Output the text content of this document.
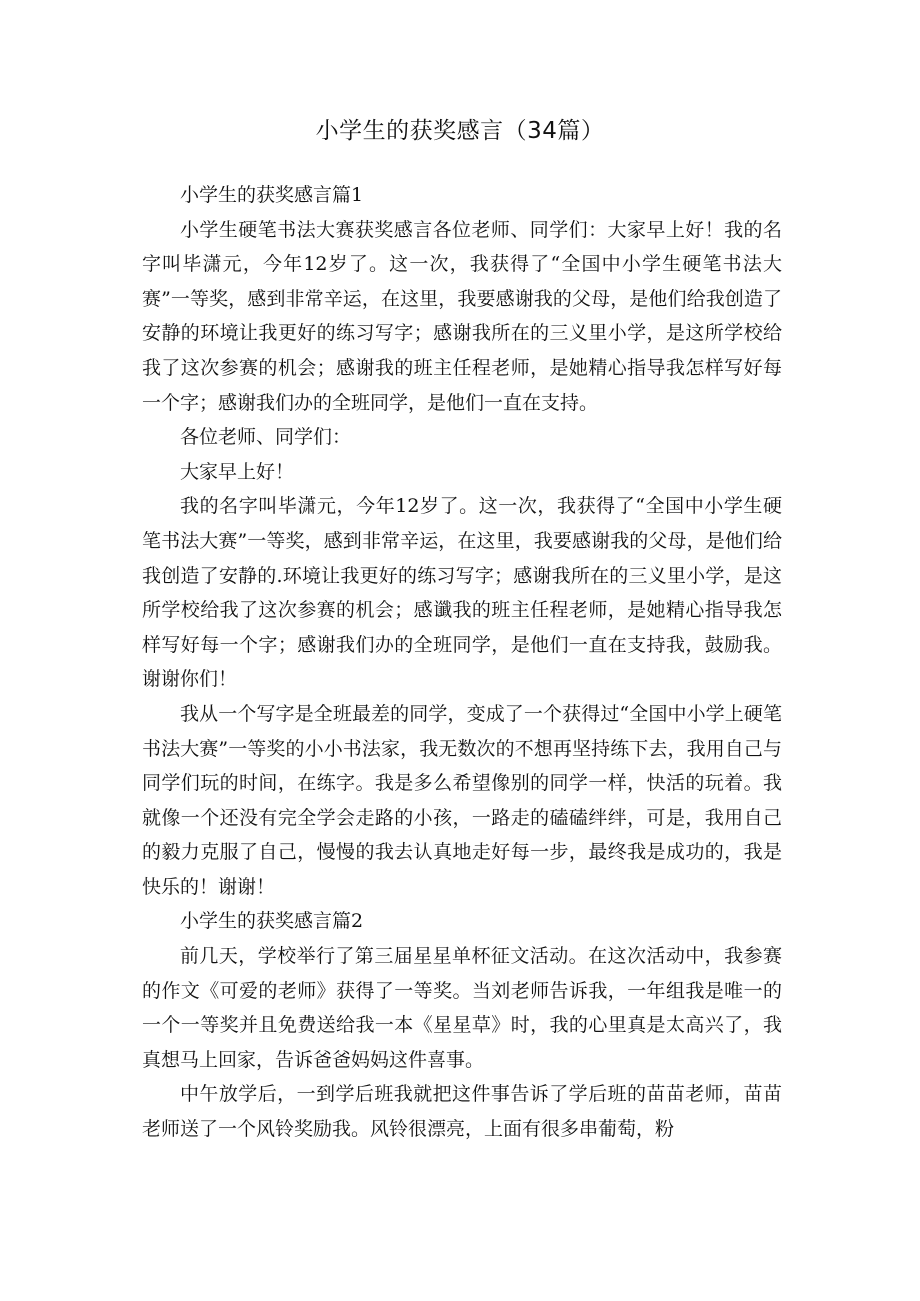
小学生的获奖感言（34篇）

小学生的获奖感言篇1

小学生硬笔书法大赛获奖感言各位老师、同学们：大家早上好！我的名字叫毕潇元，今年12岁了。这一次，我获得了“全国中小学生硬笔书法大赛”一等奖，感到非常辛运，在这里，我要感谢我的父母，是他们给我创造了安静的环境让我更好的练习写字；感谢我所在的三义里小学，是这所学校给我了这次参赛的机会；感谢我的班主任程老师，是她精心指导我怎样写好每一个字；感谢我们办的全班同学，是他们一直在支持。

各位老师、同学们：

大家早上好！

我的名字叫毕潇元，今年12岁了。这一次，我获得了“全国中小学生硬笔书法大赛”一等奖，感到非常辛运，在这里，我要感谢我的父母，是他们给我创造了安静的.环境让我更好的练习写字；感谢我所在的三义里小学，是这所学校给我了这次参赛的机会；感谶我的班主任程老师，是她精心指导我怎样写好每一个字；感谢我们办的全班同学，是他们一直在支持我，鼓励我。谢谢你们！

我从一个写字是全班最差的同学，变成了一个获得过“全国中小学上硬笔书法大赛”一等奖的小小书法家，我无数次的不想再坚持练下去，我用自己与同学们玩的时间，在练字。我是多么希望像别的同学一样，快活的玩着。我就像一个还没有完全学会走路的小孩，一路走的磕磕绊绊，可是，我用自己的毅力克服了自己，慢慢的我去认真地走好每一步，最终我是成功的，我是快乐的！谢谢！

小学生的获奖感言篇2

前几天，学校举行了第三届星星单杯征文活动。在这次活动中，我参赛的作文《可爱的老师》获得了一等奖。当刘老师告诉我，一年组我是唯一的一个一等奖并且免费送给我一本《星星草》时，我的心里真是太高兴了，我真想马上回家，告诉爸爸妈妈这件喜事。

中午放学后，一到学后班我就把这件事告诉了学后班的苗苗老师，苗苗老师送了一个风铃奖励我。风铃很漂亮，上面有很多串葡萄，粉
